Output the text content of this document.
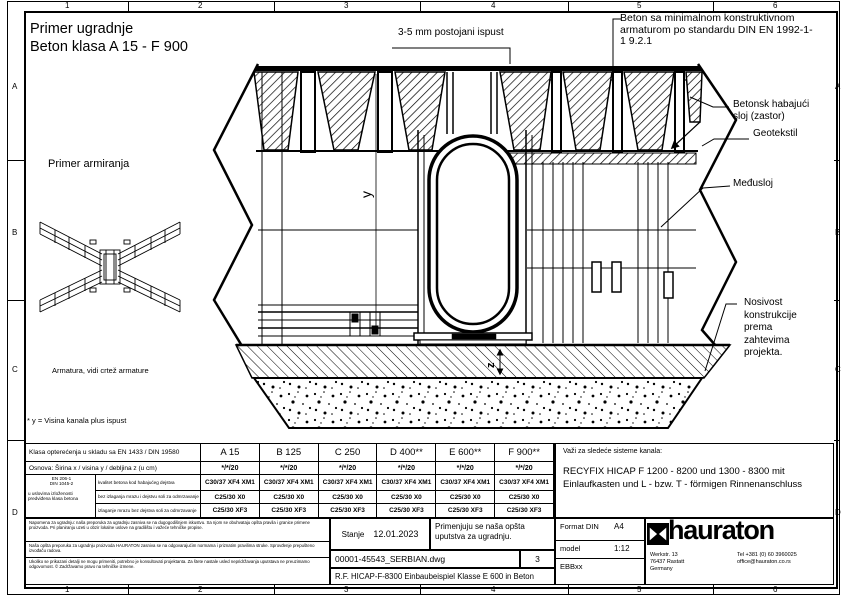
1	2	3	4	5	6
1	2	3	4	5	6
A
B
C
D
A
B
C
D
y
z
Primer ugradnje
Beton klasa A 15 - F 900
Primer armiranja
Armatura, vidi crtež armature
* y = Visina kanala plus ispust
3-5 mm postojani ispust
Beton sa minimalnom konstruktivnom armaturom po standardu DIN EN 1992-1-1 9.2.1
Betonsk habajući sloj (zastor)
Geotekstil
Međusloj
Nosivost konstrukcije prema zahtevima projekta.
Klasa opterećenja u skladu sa EN 1433 / DIN 19580	A 15	B 125	C 250	D 400**	E 600**	F 900**
Osnova: Širina x / visina y / debljina z (u cm)	*/*/20	*/*/20	*/*/20	*/*/20	*/*/20	*/*/20
EN 206-1
DIN 1045-2
u uslovima izloženosti predviđena klasa betona
kvalitet betona kod habajućeg dejstva	C30/37 XF4 XM1	C30/37 XF4 XM1	C30/37 XF4 XM1	C30/37 XF4 XM1	C30/37 XF4 XM1	C30/37 XF4 XM1
bez izlaganja mrazu i dejstvu soli za odmrzavanje	C25/30 X0	C25/30 X0	C25/30 X0	C25/30 X0	C25/30 X0	C25/30 X0
izlaganje mrazu bez dejstva soli za odmrzavanje	C25/30 XF3	C25/30 XF3	C25/30 XF3	C25/30 XF3	C25/30 XF3	C25/30 XF3
Važi za sledeće sisteme kanala:
RECYFIX HICAP F 1200 - 8200 und 1300 - 8300 mit Einlaufkasten und L - bzw. T - förmigen Rinnenanschluss
Napomena za ugradnju: naša preporuka za ugradnju zasniva se na dugogodišnjem iskustvu. Sa njom se obuhvataju opšta pravila i granice primene proizvoda. Pri planiranju uzeti u obzir lokalne uslove na gradilištu i važeće tehničke propise.
Naša opšta preporuka za ugradnju proizvoda HAURATON zasniva se na odgovarajućim normama i priznatim pravilima struke. Sprovđenje prepušteno izvođaču radova.
Ukoliko se prikazani detalji ne mogu primeniti, potrebno je konsultovati projektanta. Za štete nastale usled nepridržavanja uputstava ne preuzimamo odgovornost. © Zadržavamo pravo na tehničke izmene.
Stanje 12.01.2023
Primenjuju se naša opšta uputstva za ugradnju.
00001-45543_SERBIAN.dwg	3
R.F. HICAP-F-8300 Einbaubeispiel Klasse E 600 in Beton
Format DIN	A4
model	1:12
EBBxx
hauraton
Werkstr. 13
76437 Rastatt
Germany
Tel +381 (0) 60 3960025
office@hauraton.co.rs
